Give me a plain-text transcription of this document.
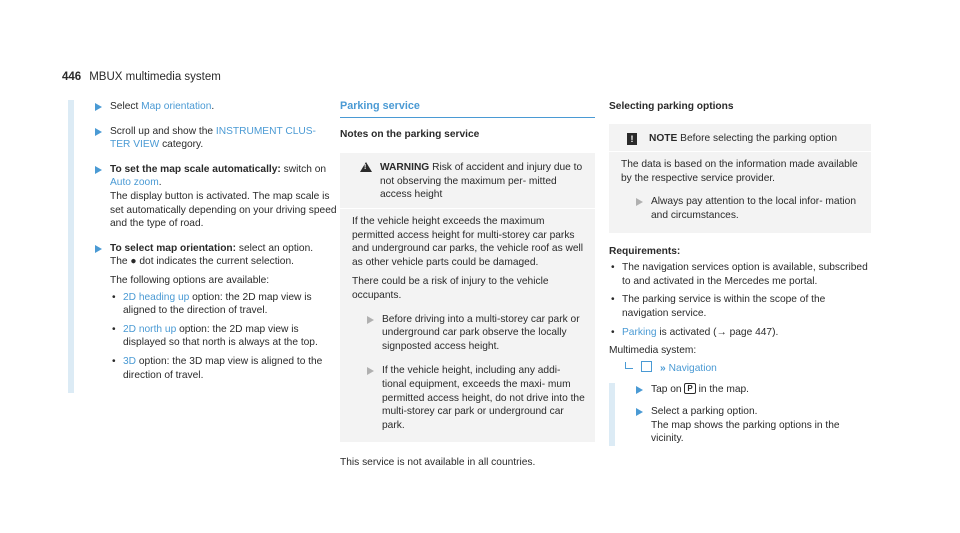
446 MBUX multimedia system
Select Map orientation.
Scroll up and show the INSTRUMENT CLUS‐ TER VIEW category.
To set the map scale automatically: switch on Auto zoom.
The display button is activated. The map scale is set automatically depending on your driving speed and the type of road.
To select map orientation: select an option.
The ● dot indicates the current selection.
The following options are available:
• 2D heading up option: the 2D map view is aligned to the direction of travel.
• 2D north up option: the 2D map view is displayed so that north is always at the top.
• 3D option: the 3D map view is aligned to the direction of travel.
Parking service
Notes on the parking service
!
WARNING Risk of accident and injury due to not observing the maximum per‐ mitted access height
If the vehicle height exceeds the maximum permitted access height for multi-storey car parks and underground car parks, the vehicle roof as well as other vehicle parts could be damaged.
There could be a risk of injury to the vehicle occupants.
Before driving into a multi-storey car park or underground car park observe the locally signposted access height.
If the vehicle height, including any addi‐ tional equipment, exceeds the maxi‐ mum permitted access height, do not drive into the multi-storey car park or underground car park.
This service is not available in all countries.
Selecting parking options
!	NOTE Before selecting the parking option
The data is based on the information made available by the respective service provider.
Always pay attention to the local infor‐ mation and circumstances.
Requirements:
• The navigation services option is available, subscribed to and activated in the Mercedes me portal.
• The parking service is within the scope of the navigation service.
• Parking is activated (→ page 447).
Multimedia system:
» Navigation
Tap on P in the map.
Select a parking option.
The map shows the parking options in the vicinity.
